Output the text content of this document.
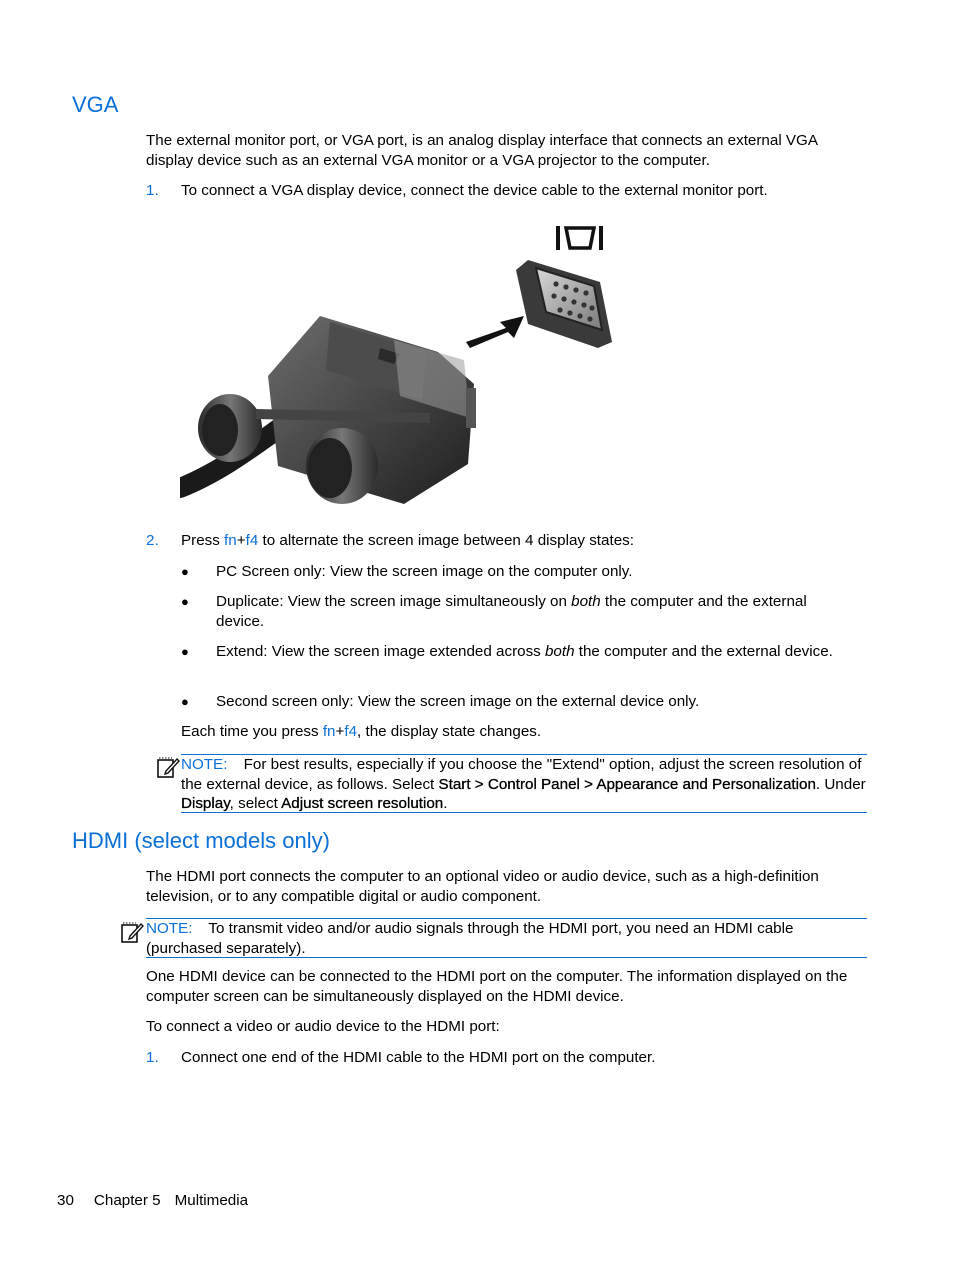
VGA
The external monitor port, or VGA port, is an analog display interface that connects an external VGA display device such as an external VGA monitor or a VGA projector to the computer.
1. To connect a VGA display device, connect the device cable to the external monitor port.
2. Press fn+f4 to alternate the screen image between 4 display states:
● PC Screen only: View the screen image on the computer only.
● Duplicate: View the screen image simultaneously on both the computer and the external device.
● Extend: View the screen image extended across both the computer and the external device.
● Second screen only: View the screen image on the external device only.
Each time you press fn+f4, the display state changes.
NOTE: For best results, especially if you choose the "Extend" option, adjust the screen resolution of the external device, as follows. Select Start > Control Panel > Appearance and Personalization. Under Display, select Adjust screen resolution.
HDMI (select models only)
The HDMI port connects the computer to an optional video or audio device, such as a high-definition television, or to any compatible digital or audio component.
NOTE: To transmit video and/or audio signals through the HDMI port, you need an HDMI cable (purchased separately).
One HDMI device can be connected to the HDMI port on the computer. The information displayed on the computer screen can be simultaneously displayed on the HDMI device.
To connect a video or audio device to the HDMI port:
1. Connect one end of the HDMI cable to the HDMI port on the computer.
30 Chapter 5 Multimedia
